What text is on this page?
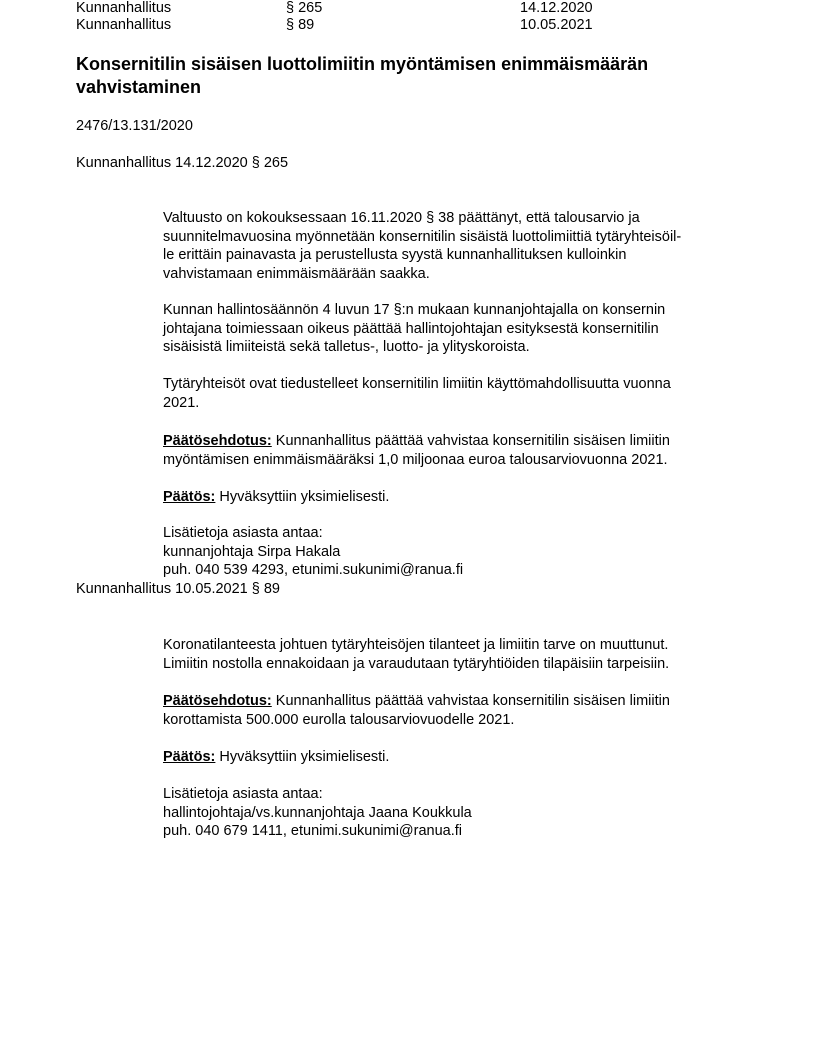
Kunnanhallitus	§ 265	14.12.2020
Kunnanhallitus	§ 89	10.05.2021
Konsernitilin sisäisen luottolimiitin myöntämisen enimmäismäärän
vahvistaminen
2476/13.131/2020
Kunnanhallitus 14.12.2020 § 265
Valtuusto on kokouksessaan 16.11.2020 § 38 päättänyt, että talousarvio ja
suunnitelmavuosina myönnetään konsernitilin sisäistä luottolimiittiä tytäryhteisöil-
le erittäin painavasta ja perustellusta syystä kunnanhallituksen kulloinkin
vahvistamaan enimmäismäärään saakka.
Kunnan hallintosäännön 4 luvun 17 §:n mukaan kunnanjohtajalla on konsernin
johtajana toimiessaan oikeus päättää hallintojohtajan esityksestä konsernitilin
sisäisistä limiiteistä sekä talletus-, luotto- ja ylityskoroista.
Tytäryhteisöt ovat tiedustelleet konsernitilin limiitin käyttömahdollisuutta vuonna
2021.
Päätösehdotus: Kunnanhallitus päättää vahvistaa konsernitilin sisäisen limiitin
myöntämisen enimmäismääräksi 1,0 miljoonaa euroa talousarviovuonna 2021.
Päätös: Hyväksyttiin yksimielisesti.
Lisätietoja asiasta antaa:
kunnanjohtaja Sirpa Hakala
puh. 040 539 4293, etunimi.sukunimi@ranua.fi
Kunnanhallitus 10.05.2021 § 89
Koronatilanteesta johtuen tytäryhteisöjen tilanteet ja limiitin tarve on muuttunut.
Limiitin nostolla ennakoidaan ja varaudutaan tytäryhtiöiden tilapäisiin tarpeisiin.
Päätösehdotus: Kunnanhallitus päättää vahvistaa konsernitilin sisäisen limiitin
korottamista 500.000 eurolla talousarviovuodelle 2021.
Päätös: Hyväksyttiin yksimielisesti.
Lisätietoja asiasta antaa:
hallintojohtaja/vs.kunnanjohtaja Jaana Koukkula
puh. 040 679 1411, etunimi.sukunimi@ranua.fi
